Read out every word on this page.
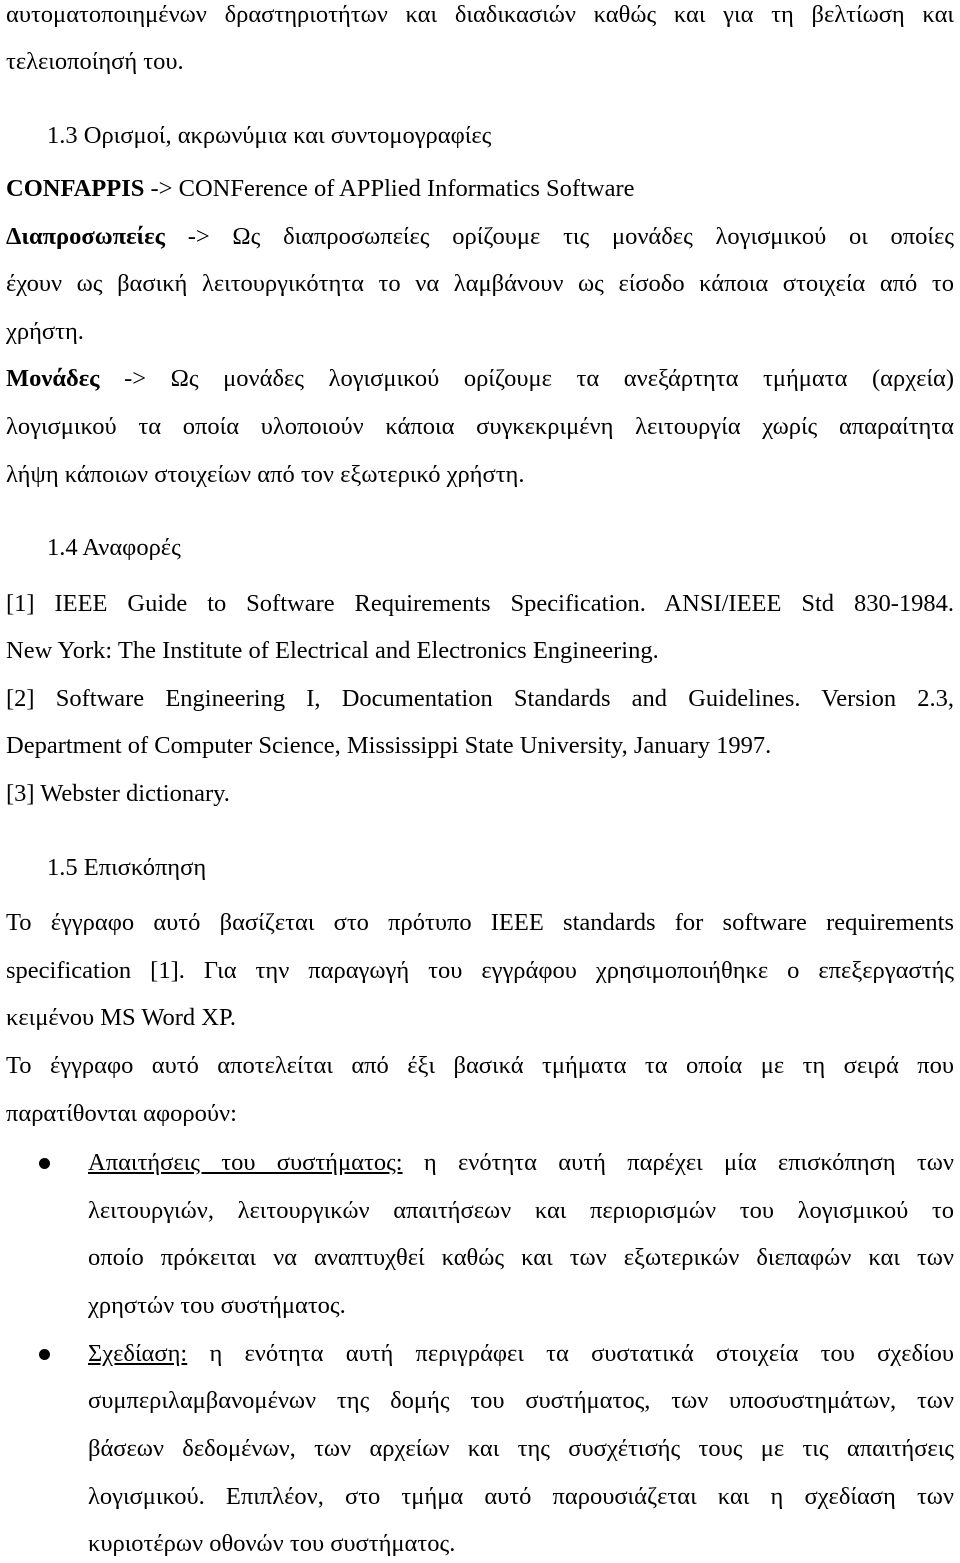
αυτοματοποιημένων δραστηριοτήτων και διαδικασιών καθώς και για τη βελτίωση και
τελειοποίησή του.
1.3 Ορισμοί, ακρωνύμια και συντομογραφίες
CONFAPPIS -> CONFerence of APPlied Informatics Software
Διαπροσωπείες -> Ως διαπροσωπείες ορίζουμε τις μονάδες λογισμικού οι οποίες
έχουν ως βασική λειτουργικότητα το να λαμβάνουν ως είσοδο κάποια στοιχεία από το
χρήστη.
Μονάδες -> Ως μονάδες λογισμικού ορίζουμε τα ανεξάρτητα τμήματα (αρχεία)
λογισμικού τα οποία υλοποιούν κάποια συγκεκριμένη λειτουργία χωρίς απαραίτητα
λήψη κάποιων στοιχείων από τον εξωτερικό χρήστη.
1.4 Αναφορές
[1] IEEE Guide to Software Requirements Specification. ANSI/IEEE Std 830-1984.
New York: The Institute of Electrical and Electronics Engineering.
[2] Software Engineering I, Documentation Standards and Guidelines. Version 2.3,
Department of Computer Science, Mississippi State University, January 1997.
[3] Webster dictionary.
1.5 Επισκόπηση
Το έγγραφο αυτό βασίζεται στο πρότυπο IEEE standards for software requirements
specification [1]. Για την παραγωγή του εγγράφου χρησιμοποιήθηκε ο επεξεργαστής
κειμένου MS Word XP.
Το έγγραφο αυτό αποτελείται από έξι βασικά τμήματα τα οποία με τη σειρά που
παρατίθονται αφορούν:
Απαιτήσεις του συστήματος: η ενότητα αυτή παρέχει μία επισκόπηση των
λειτουργιών, λειτουργικών απαιτήσεων και περιορισμών του λογισμικού το
οποίο πρόκειται να αναπτυχθεί καθώς και των εξωτερικών διεπαφών και των
χρηστών του συστήματος.
Σχεδίαση: η ενότητα αυτή περιγράφει τα συστατικά στοιχεία του σχεδίου
συμπεριλαμβανομένων της δομής του συστήματος, των υποσυστημάτων, των
βάσεων δεδομένων, των αρχείων και της συσχέτισής τους με τις απαιτήσεις
λογισμικού. Επιπλέον, στο τμήμα αυτό παρουσιάζεται και η σχεδίαση των
κυριοτέρων οθονών του συστήματος.
